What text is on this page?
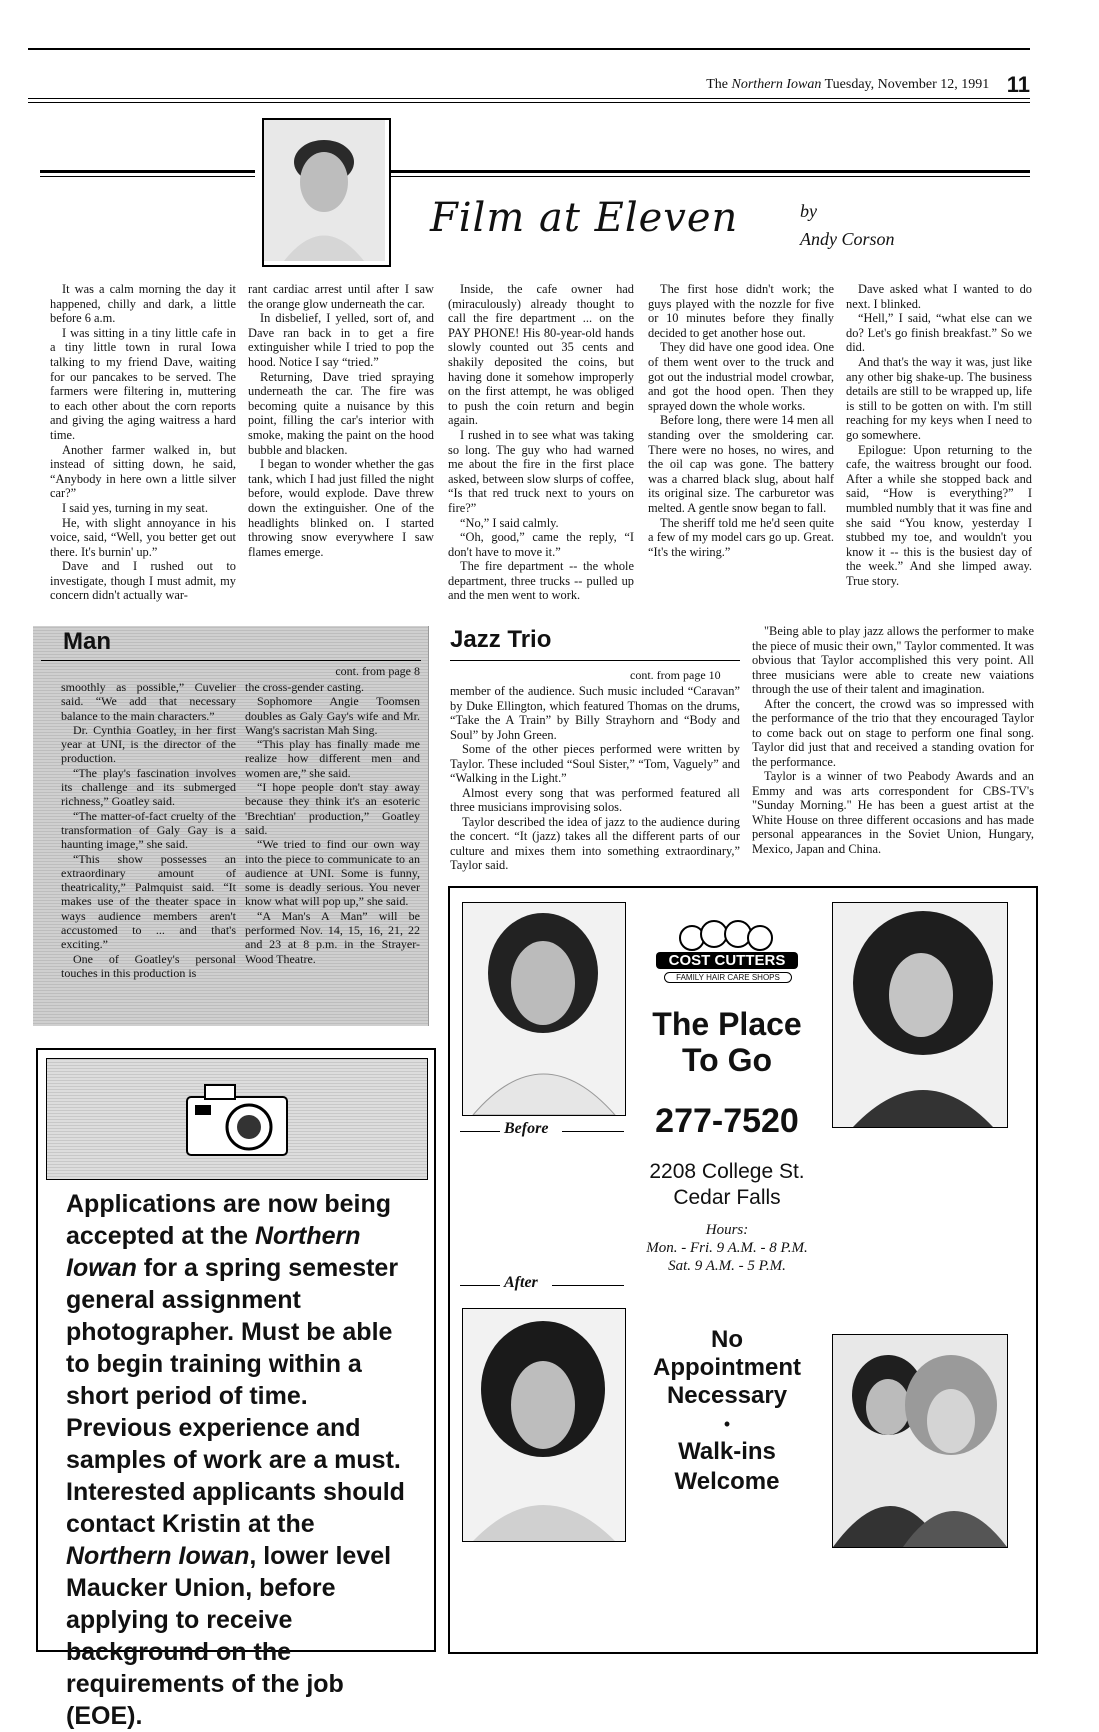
The Northern Iowan Tuesday, November 12, 1991 11
Film at Eleven	by
Andy Corson

It was a calm morning the day it happened, chilly and dark, a little before 6 a.m.

I was sitting in a tiny little cafe in a tiny little town in rural Iowa talking to my friend Dave, waiting for our pancakes to be served. The farmers were filtering in, muttering to each other about the corn reports and giving the aging waitress a hard time.

Another farmer walked in, but instead of sitting down, he said, “Anybody in here own a little silver car?”

I said yes, turning in my seat.

He, with slight annoyance in his voice, said, “Well, you better get out there. It's burnin' up.”

Dave and I rushed out to investigate, though I must admit, my concern didn't actually war-

rant cardiac arrest until after I saw the orange glow underneath the car.

In disbelief, I yelled, sort of, and Dave ran back in to get a fire extinguisher while I tried to pop the hood. Notice I say “tried.”

Returning, Dave tried spraying underneath the car. The fire was becoming quite a nuisance by this point, filling the car's interior with smoke, making the paint on the hood bubble and blacken.

I began to wonder whether the gas tank, which I had just filled the night before, would explode. Dave threw down the extinguisher. One of the headlights blinked on. I started throwing snow everywhere I saw flames emerge.

Inside, the cafe owner had (miraculously) already thought to call the fire department ... on the PAY PHONE! His 80-year-old hands slowly counted out 35 cents and shakily deposited the coins, but having done it somehow improperly on the first attempt, he was obliged to push the coin return and begin again.

I rushed in to see what was taking so long. The guy who had warned me about the fire in the first place asked, between slow slurps of coffee, “Is that red truck next to yours on fire?”

“No,” I said calmly.

“Oh, good,” came the reply, “I don't have to move it.”

The fire department -- the whole department, three trucks -- pulled up and the men went to work.

The first hose didn't work; the guys played with the nozzle for five or 10 minutes before they finally decided to get another hose out.

They did have one good idea. One of them went over to the truck and got out the industrial model crowbar, and got the hood open. Then they sprayed down the whole works.

Before long, there were 14 men all standing over the smoldering car. There were no hoses, no wires, and the oil cap was gone. The battery was a charred black slug, about half its original size. The carburetor was melted. A gentle snow began to fall.

The sheriff told me he'd seen quite a few of my model cars go up. Great. “It's the wiring.”

Dave asked what I wanted to do next. I blinked.

“Hell,” I said, “what else can we do? Let's go finish breakfast.” So we did.

And that's the way it was, just like any other big shake-up. The business details are still to be wrapped up, life is still to be gotten on with. I'm still reaching for my keys when I need to go somewhere.

Epilogue: Upon returning to the cafe, the waitress brought our food. After a while she stopped back and said, “How is everything?” I mumbled numbly that it was fine and she said “You know, yesterday I stubbed my toe, and wouldn't you know it -- this is the busiest day of the week.” And she limped away. True story.

Man
cont. from page 8

smoothly as possible,” Cuvelier said. “We add that necessary balance to the main characters.”

Dr. Cynthia Goatley, in her first year at UNI, is the director of the production.

“The play's fascination involves its challenge and its submerged richness,” Goatley said.

“The matter-of-fact cruelty of the transformation of Galy Gay is a haunting image,” she said.

“This show possesses an extraordinary amount of theatricality,” Palmquist said. “It makes use of the theater space in ways audience members aren't accustomed to ... and that's exciting.”

One of Goatley's personal touches in this production is

the cross-gender casting.

Sophomore Angie Toomsen doubles as Galy Gay's wife and Mr. Wang's sacristan Mah Sing.

“This play has finally made me realize how different men and women are,” she said.

“I hope people don't stay away because they think it's an esoteric 'Brechtian' production,” Goatley said.

“We tried to find our own way into the piece to communicate to an audience at UNI. Some is funny, some is deadly serious. You never know what will pop up,” she said.

“A Man's A Man” will be performed Nov. 14, 15, 16, 21, 22 and 23 at 8 p.m. in the Strayer-Wood Theatre.

Jazz Trio
cont. from page 10

member of the audience. Such music included “Caravan” by Duke Ellington, which featured Thomas on the drums, “Take the A Train” by Billy Strayhorn and “Body and Soul” by John Green.

Some of the other pieces performed were written by Taylor. These included “Soul Sister,” “Tom, Vaguely” and “Walking in the Light.”

Almost every song that was performed featured all three musicians improvising solos.

Taylor described the idea of jazz to the audience during the concert. “It (jazz) takes all the different parts of our culture and mixes them into something extraordinary,” Taylor said.

"Being able to play jazz allows the performer to make the piece of music their own," Taylor commented. It was obvious that Taylor accomplished this very point. All three musicians were able to create new vaiations through the use of their talent and imagination.

After the concert, the crowd was so impressed with the performance of the trio that they encouraged Taylor to come back out on stage to perform one final song. Taylor did just that and received a standing ovation for the performance.

Taylor is a winner of two Peabody Awards and an Emmy and was arts correspondent for CBS-TV's "Sunday Morning." He has been a guest artist at the White House on three different occasions and has made personal appearances in the Soviet Union, Hungary, Mexico, Japan and China.

Applications are now being accepted at the Northern Iowan for a spring semester general assignment photographer. Must be able to begin training within a short period of time. Previous experience and samples of work are a must. Interested applicants should contact Kristin at the Northern Iowan, lower level Maucker Union, before applying to receive background on the requirements of the job (EOE).
Before
COST CUTTERS
FAMILY HAIR CARE SHOPS
The Place
To Go
277-7520
2208 College St.
Cedar Falls
Hours:
Mon. - Fri. 9 A.M. - 8 P.M.
Sat. 9 A.M. - 5 P.M.
After
No
Appointment
Necessary
•
Walk-ins
Welcome
